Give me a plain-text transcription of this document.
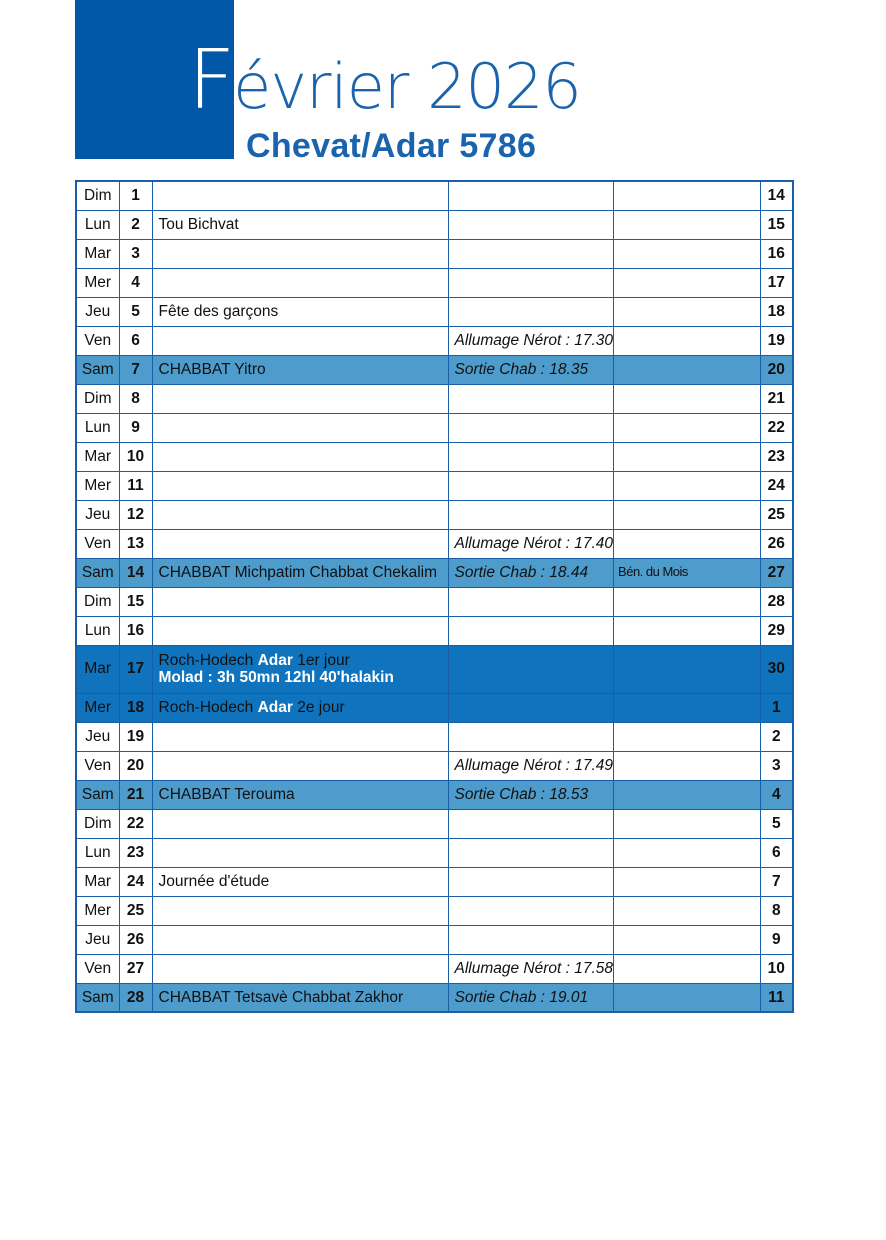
Février 2026
Chevat/Adar 5786
Dim	1				14
Lun	2	Tou Bichvat			15
Mar	3				16
Mer	4				17
Jeu	5	Fête des garçons			18
Ven	6		Allumage Nérot : 17.30		19
Sam	7	CHABBAT Yitro	Sortie Chab : 18.35		20
Dim	8				21
Lun	9				22
Mar	10				23
Mer	11				24
Jeu	12				25
Ven	13		Allumage Nérot : 17.40		26
Sam	14	CHABBAT Michpatim Chabbat Chekalim	Sortie Chab : 18.44	Bén. du Mois	27
Dim	15				28
Lun	16				29
Mar	17	Roch-Hodech Adar 1er jour
Molad : 3h 50mn 12hl 40'halakin			30
Mer	18	Roch-Hodech Adar 2e jour			1
Jeu	19				2
Ven	20		Allumage Nérot : 17.49		3
Sam	21	CHABBAT Terouma	Sortie Chab : 18.53		4
Dim	22				5
Lun	23				6
Mar	24	Journée d'étude			7
Mer	25				8
Jeu	26				9
Ven	27		Allumage Nérot : 17.58		10
Sam	28	CHABBAT Tetsavè Chabbat Zakhor	Sortie Chab : 19.01		11
